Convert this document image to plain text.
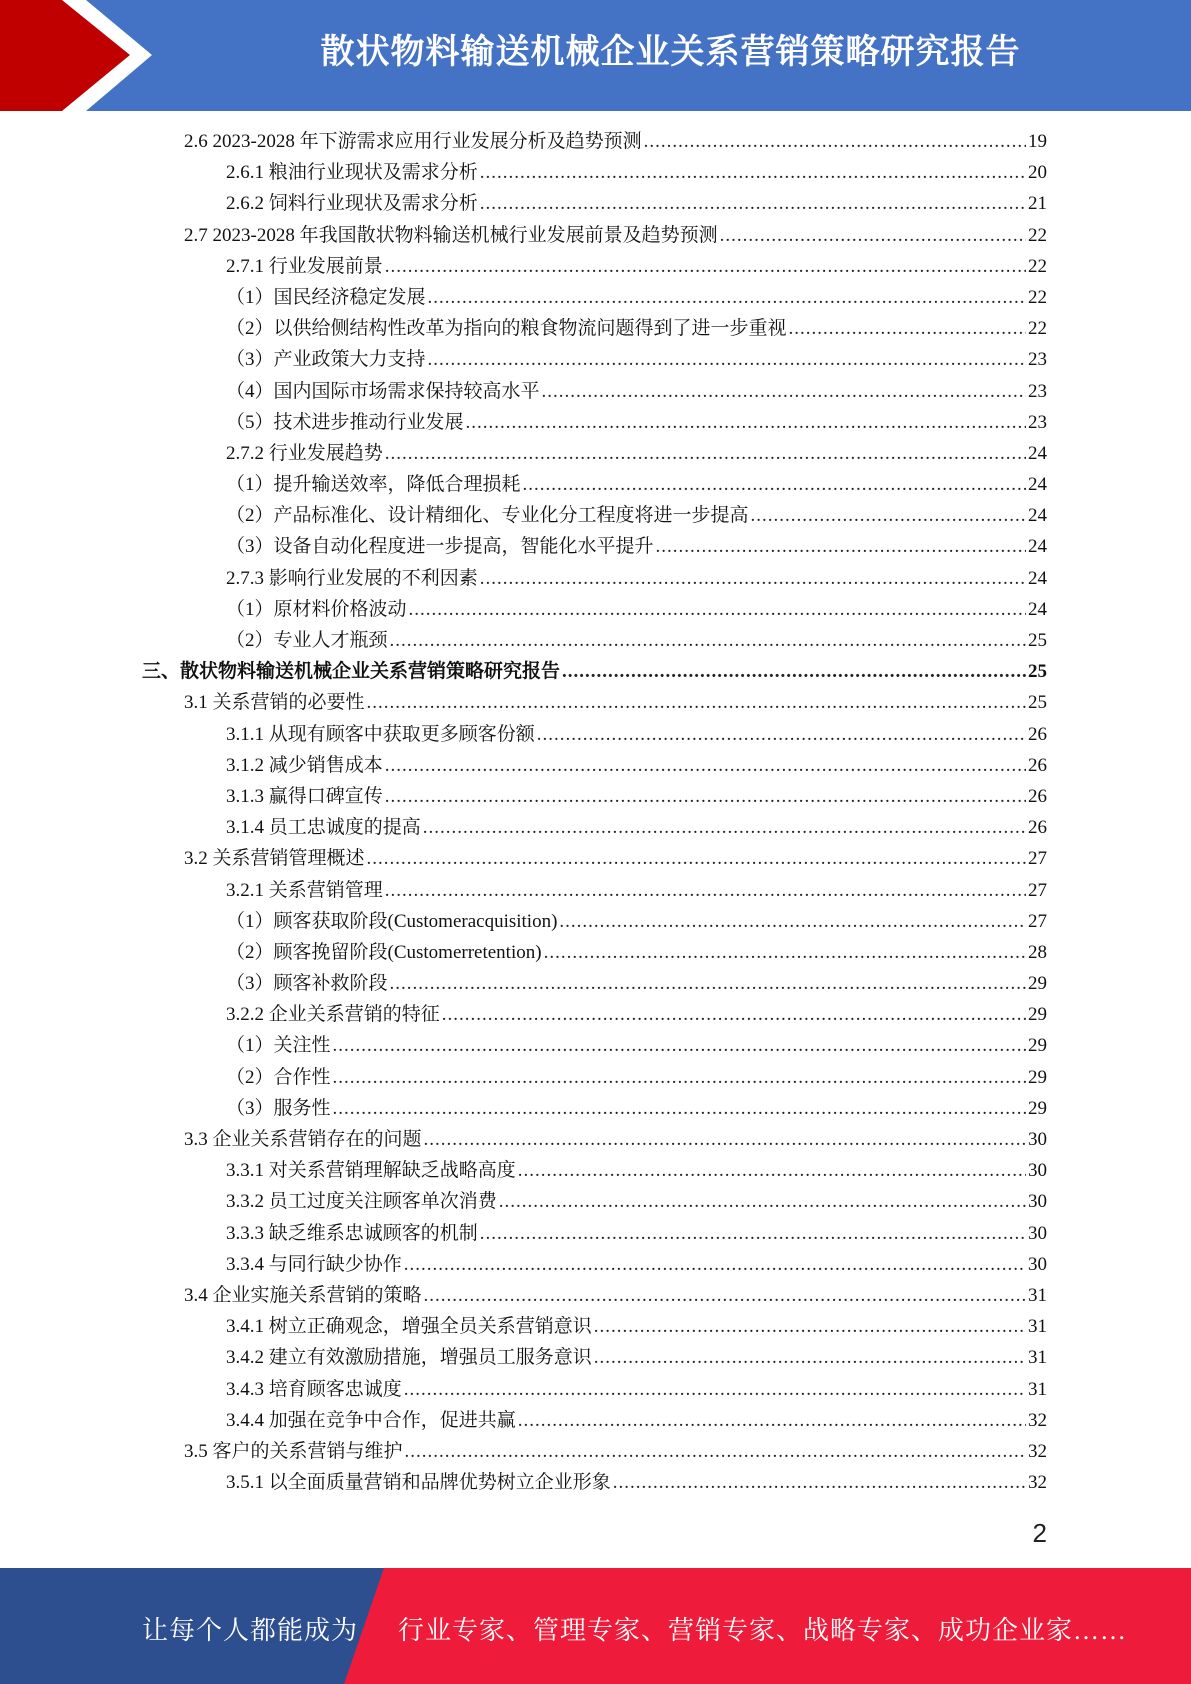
散状物料输送机械企业关系营销策略研究报告
2.6 2023-2028 年下游需求应用行业发展分析及趋势预测 .....	19
2.6.1 粮油行业现状及需求分析 .....	20
2.6.2 饲料行业现状及需求分析 .....	21
2.7 2023-2028 年我国散状物料输送机械行业发展前景及趋势预测 .....	22
2.7.1 行业发展前景 .....	22
（1）国民经济稳定发展 .....	22
（2）以供给侧结构性改革为指向的粮食物流问题得到了进一步重视 .....	22
（3）产业政策大力支持 .....	23
（4）国内国际市场需求保持较高水平 .....	23
（5）技术进步推动行业发展 .....	23
2.7.2 行业发展趋势 .....	24
（1）提升输送效率，降低合理损耗 .....	24
（2）产品标准化、设计精细化、专业化分工程度将进一步提高 .....	24
（3）设备自动化程度进一步提高，智能化水平提升 .....	24
2.7.3 影响行业发展的不利因素 .....	24
（1）原材料价格波动 .....	24
（2）专业人才瓶颈 .....	25
三、散状物料输送机械企业关系营销策略研究报告 .....	25
3.1 关系营销的必要性 .....	25
3.1.1 从现有顾客中获取更多顾客份额 .....	26
3.1.2 减少销售成本 .....	26
3.1.3 赢得口碑宣传 .....	26
3.1.4 员工忠诚度的提高 .....	26
3.2 关系营销管理概述 .....	27
3.2.1 关系营销管理 .....	27
（1）顾客获取阶段(Customeracquisition) .....	27
（2）顾客挽留阶段(Customerretention) .....	28
（3）顾客补救阶段 .....	29
3.2.2 企业关系营销的特征 .....	29
（1）关注性 .....	29
（2）合作性 .....	29
（3）服务性 .....	29
3.3 企业关系营销存在的问题 .....	30
3.3.1 对关系营销理解缺乏战略高度 .....	30
3.3.2 员工过度关注顾客单次消费 .....	30
3.3.3 缺乏维系忠诚顾客的机制 .....	30
3.3.4 与同行缺少协作 .....	30
3.4 企业实施关系营销的策略 .....	31
3.4.1 树立正确观念，增强全员关系营销意识 .....	31
3.4.2 建立有效激励措施，增强员工服务意识 .....	31
3.4.3 培育顾客忠诚度 .....	31
3.4.4 加强在竞争中合作，促进共赢 .....	32
3.5 客户的关系营销与维护 .....	32
3.5.1 以全面质量营销和品牌优势树立企业形象 .....	32
2
让每个人都能成为 行业专家、管理专家、营销专家、战略专家、成功企业家……
